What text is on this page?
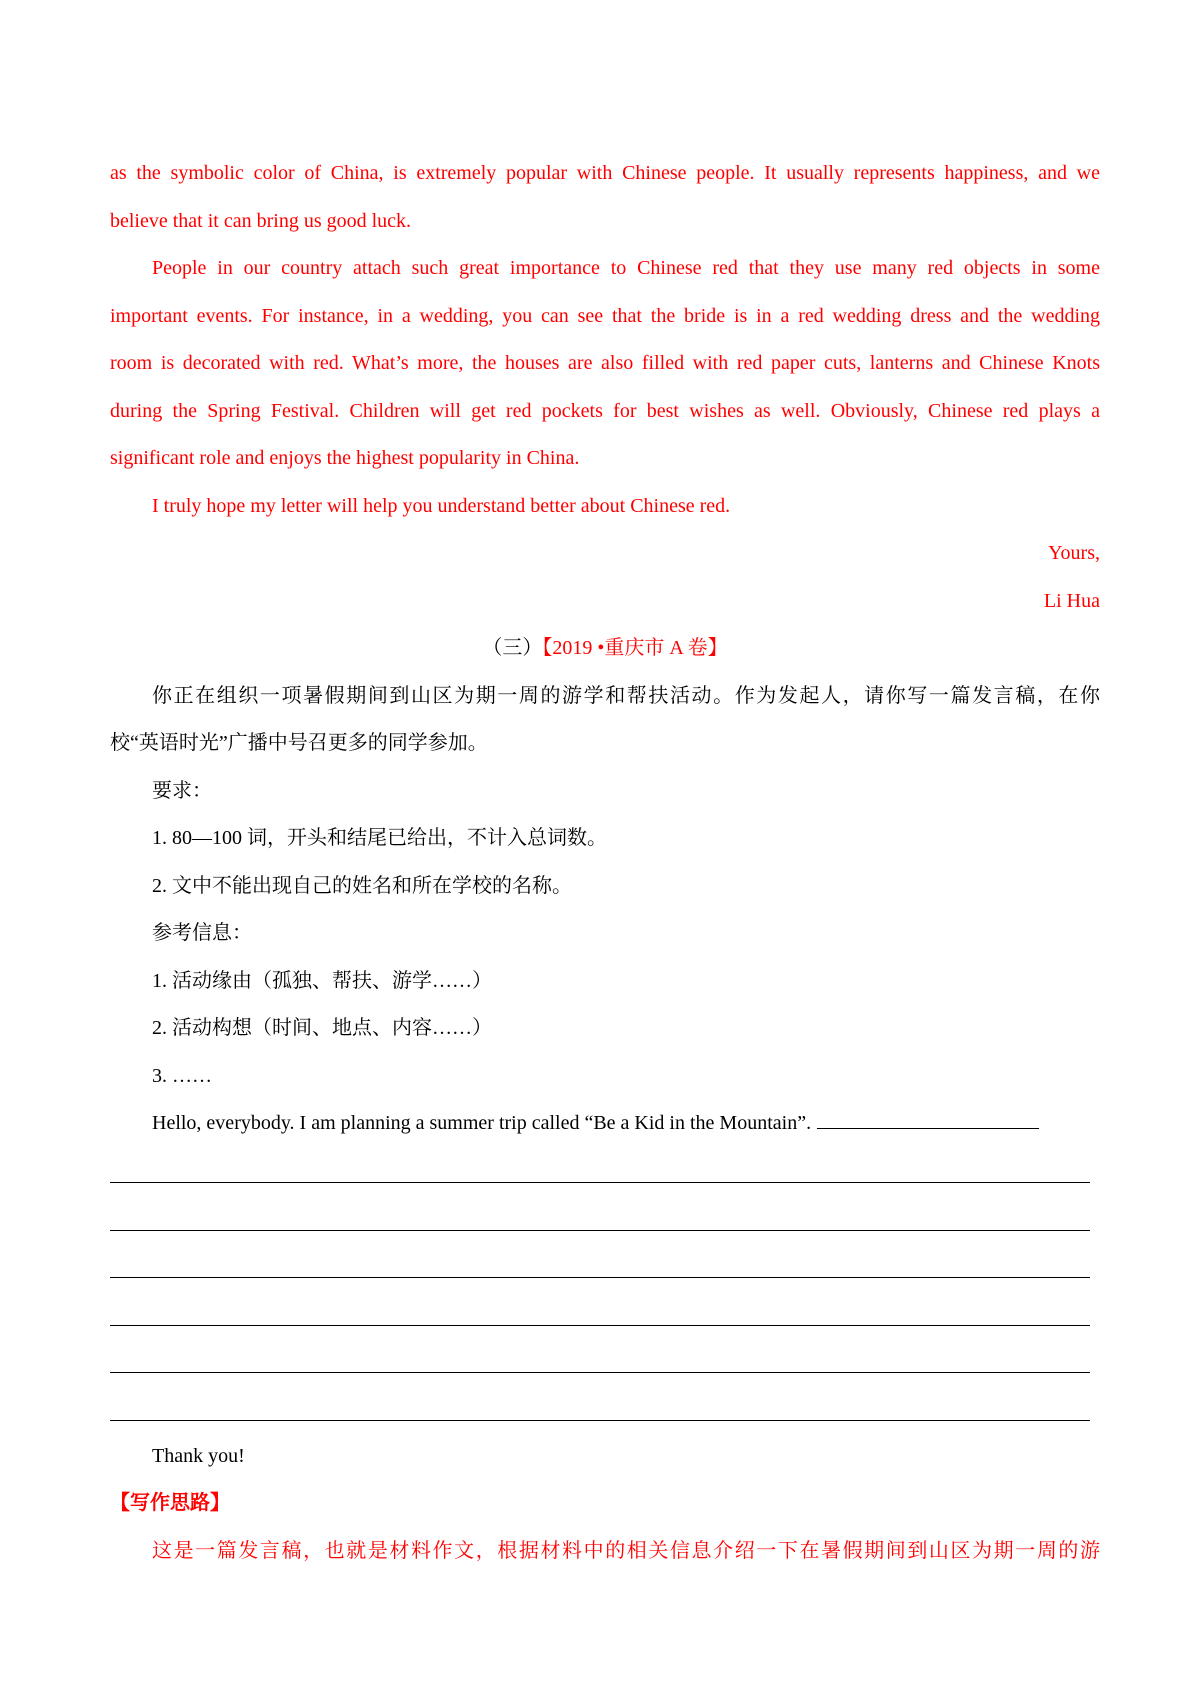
as the symbolic color of China, is extremely popular with Chinese people. It usually represents happiness, and we
believe that it can bring us good luck.
People in our country attach such great importance to Chinese red that they use many red objects in some
important events. For instance, in a wedding, you can see that the bride is in a red wedding dress and the wedding
room is decorated with red. What’s more, the houses are also filled with red paper cuts, lanterns and Chinese Knots
during the Spring Festival. Children will get red pockets for best wishes as well. Obviously, Chinese red plays a
significant role and enjoys the highest popularity in China.
I truly hope my letter will help you understand better about Chinese red.
Yours,
Li Hua
（三）【2019 •重庆市 A 卷】
你正在组织一项暑假期间到山区为期一周的游学和帮扶活动。作为发起人，请你写一篇发言稿，在你
校“英语时光”广播中号召更多的同学参加。
要求：
1. 80—100 词，开头和结尾已给出，不计入总词数。
2. 文中不能出现自己的姓名和所在学校的名称。
参考信息：
1. 活动缘由（孤独、帮扶、游学……）
2. 活动构想（时间、地点、内容……）
3. ……
Hello, everybody. I am planning a summer trip called “Be a Kid in the Mountain”.
Thank you!
【写作思路】
这是一篇发言稿，也就是材料作文，根据材料中的相关信息介绍一下在暑假期间到山区为期一周的游
